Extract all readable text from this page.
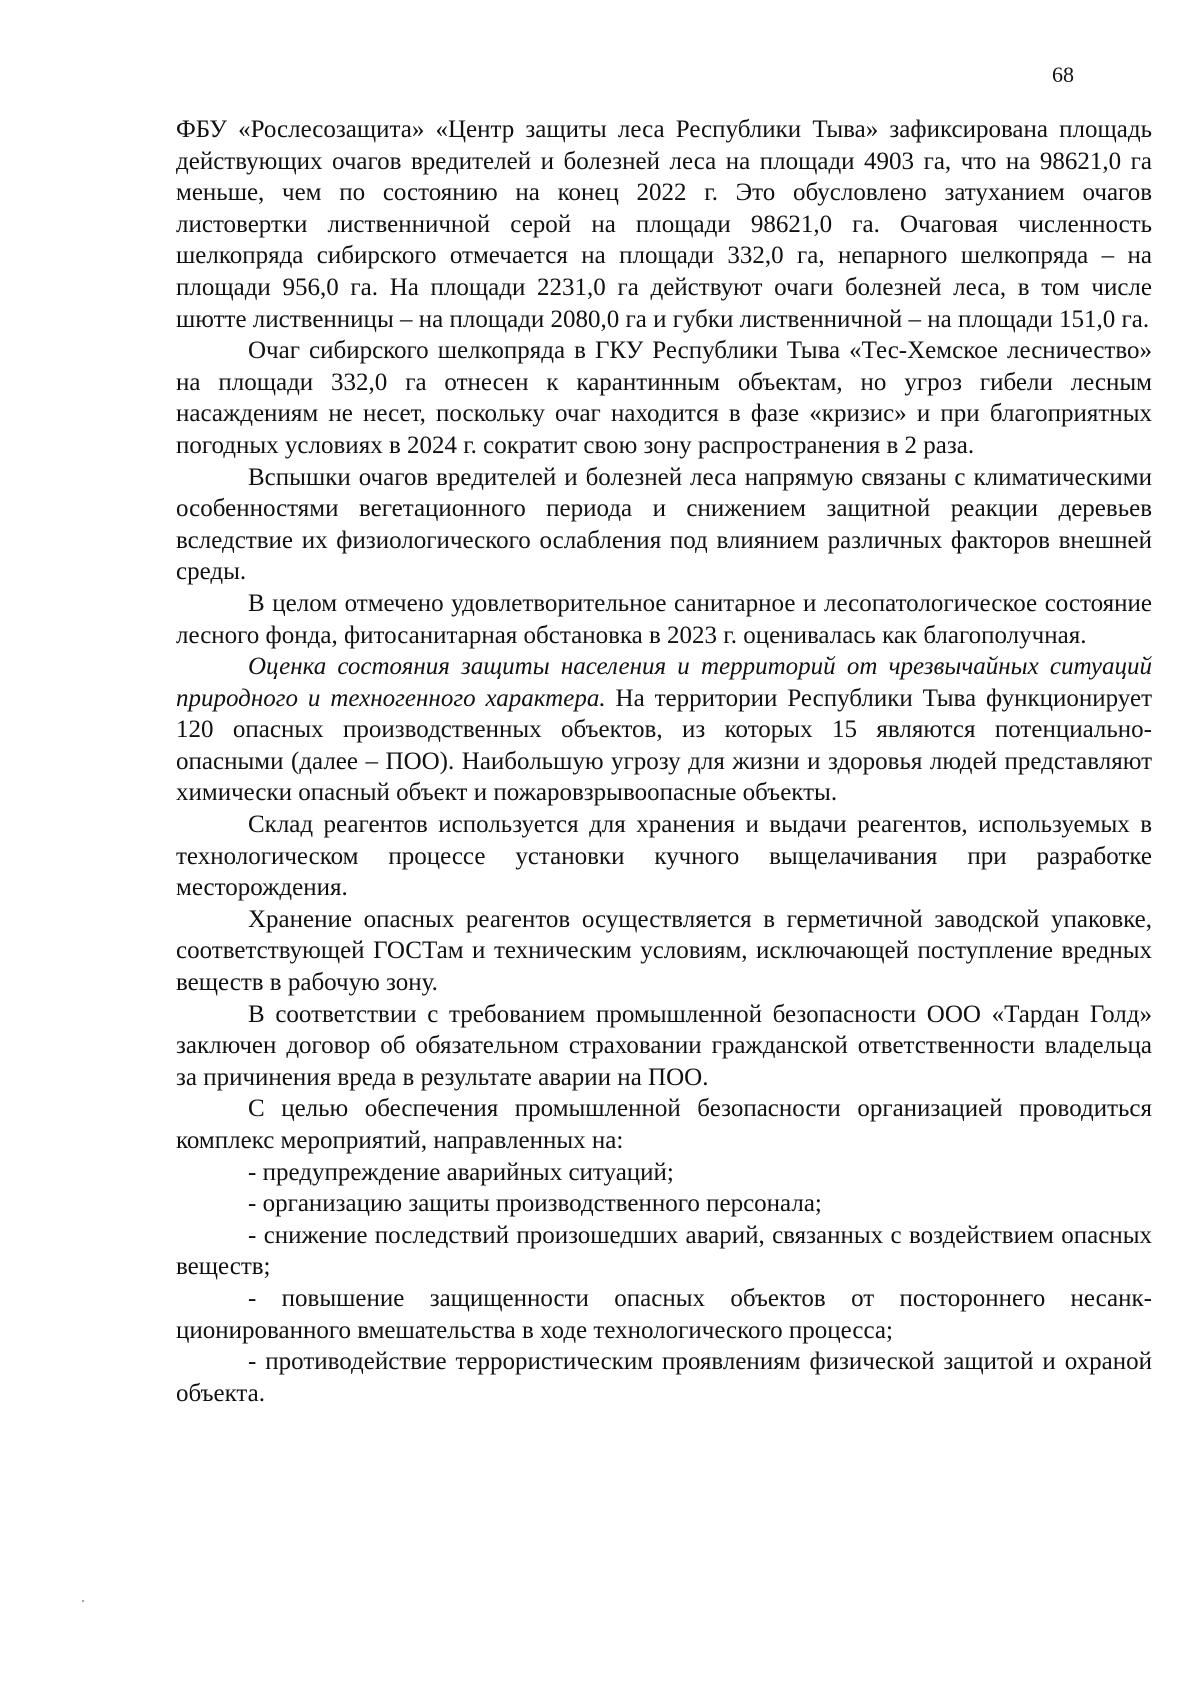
68

ФБУ «Рослесозащита» «Центр защиты леса Республики Тыва» зафиксирована площадь действующих очагов вредителей и болезней леса на площади 4903 га, что на 98621,0 га меньше, чем по состоянию на конец 2022 г. Это обусловлено затуханием очагов листовертки лиственничной серой на площади 98621,0 га. Очаговая численность шелкопряда сибирского отмечается на площади 332,0 га, непарного шелкопряда – на площади 956,0 га. На площади 2231,0 га действуют очаги болезней леса, в том числе шютте лиственницы – на площади 2080,0 га и губки лиственничной – на площади 151,0 га.

Очаг сибирского шелкопряда в ГКУ Республики Тыва «Тес-Хемское лесничество» на площади 332,0 га отнесен к карантинным объектам, но угроз гибели лесным насаждениям не несет, поскольку очаг находится в фазе «кризис» и при благоприятных погодных условиях в 2024 г. сократит свою зону распространения в 2 раза.

Вспышки очагов вредителей и болезней леса напрямую связаны с климатическими особенностями вегетационного периода и снижением защитной реакции деревьев вследствие их физиологического ослабления под влиянием различных факторов внешней среды.

В целом отмечено удовлетворительное санитарное и лесопатологическое состояние лесного фонда, фитосанитарная обстановка в 2023 г. оценивалась как благополучная.

Оценка состояния защиты населения и территорий от чрезвычайных ситуаций природного и техногенного характера. На территории Республики Тыва функционирует 120 опасных производственных объектов, из которых 15 являются потенциально-опасными (далее – ПОО). Наибольшую угрозу для жизни и здоровья людей представляют химически опасный объект и пожаровзрывоопасные объекты.

Склад реагентов используется для хранения и выдачи реагентов, используемых в технологическом процессе установки кучного выщелачивания при разработке месторождения.

Хранение опасных реагентов осуществляется в герметичной заводской упаковке, соответствующей ГОСТам и техническим условиям, исключающей поступление вредных веществ в рабочую зону.

В соответствии с требованием промышленной безопасности ООО «Тардан Голд» заключен договор об обязательном страховании гражданской ответственности владельца за причинения вреда в результате аварии на ПОО.

С целью обеспечения промышленной безопасности организацией проводиться комплекс мероприятий, направленных на:

- предупреждение аварийных ситуаций;

- организацию защиты производственного персонала;

- снижение последствий произошедших аварий, связанных с воздействием опасных веществ;

- повышение защищенности опасных объектов от постороннего несанкционированного вмешательства в ходе технологического процесса;

- противодействие террористическим проявлениям физической защитой и охраной объекта.
